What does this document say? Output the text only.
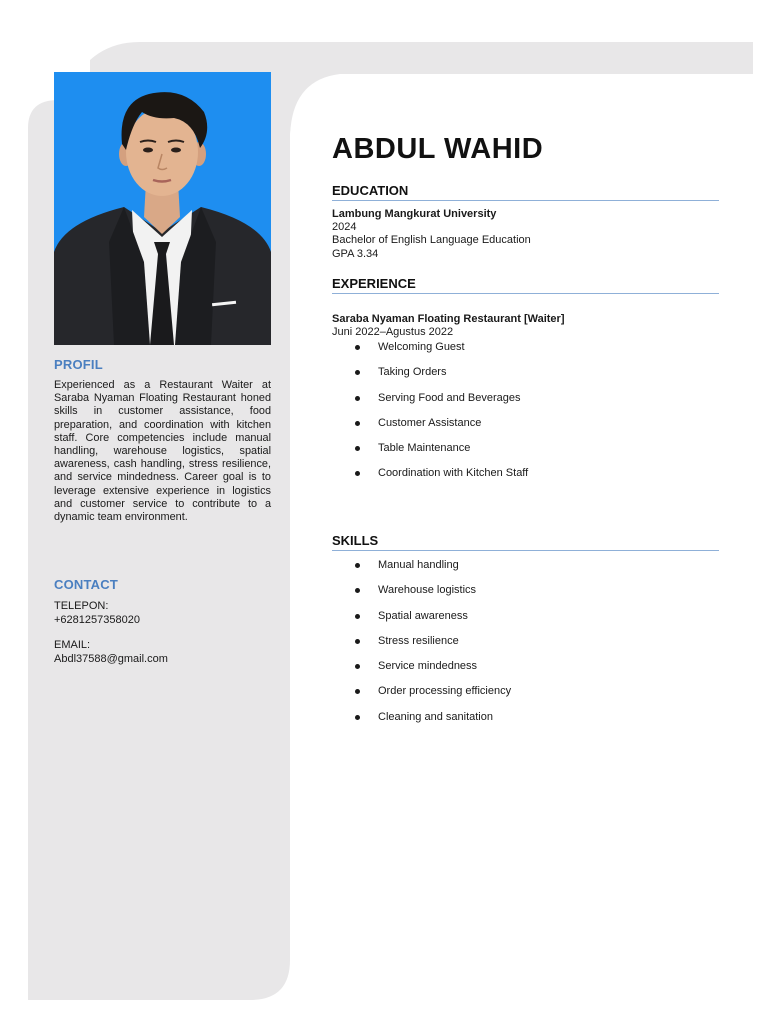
PROFIL

Experienced as a Restaurant Waiter at Saraba Nyaman Floating Restaurant honed skills in customer assistance, food preparation, and coordination with kitchen staff. Core competencies include manual handling, warehouse logistics, spatial awareness, cash handling, stress resilience, and service mindedness. Career goal is to leverage extensive experience in logistics and customer service to contribute to a dynamic team environment.

CONTACT
TELEPON:
+6281257358020
EMAIL:
Abdl37588@gmail.com
ABDUL WAHID
EDUCATION
Lambung Mangkurat University
2024
Bachelor of English Language Education
GPA 3.34
EXPERIENCE
Saraba Nyaman Floating Restaurant [Waiter]
Juni 2022–Agustus 2022
Welcoming Guest
Taking Orders
Serving Food and Beverages
Customer Assistance
Table Maintenance
Coordination with Kitchen Staff
SKILLS
Manual handling
Warehouse logistics
Spatial awareness
Stress resilience
Service mindedness
Order processing efficiency
Cleaning and sanitation
